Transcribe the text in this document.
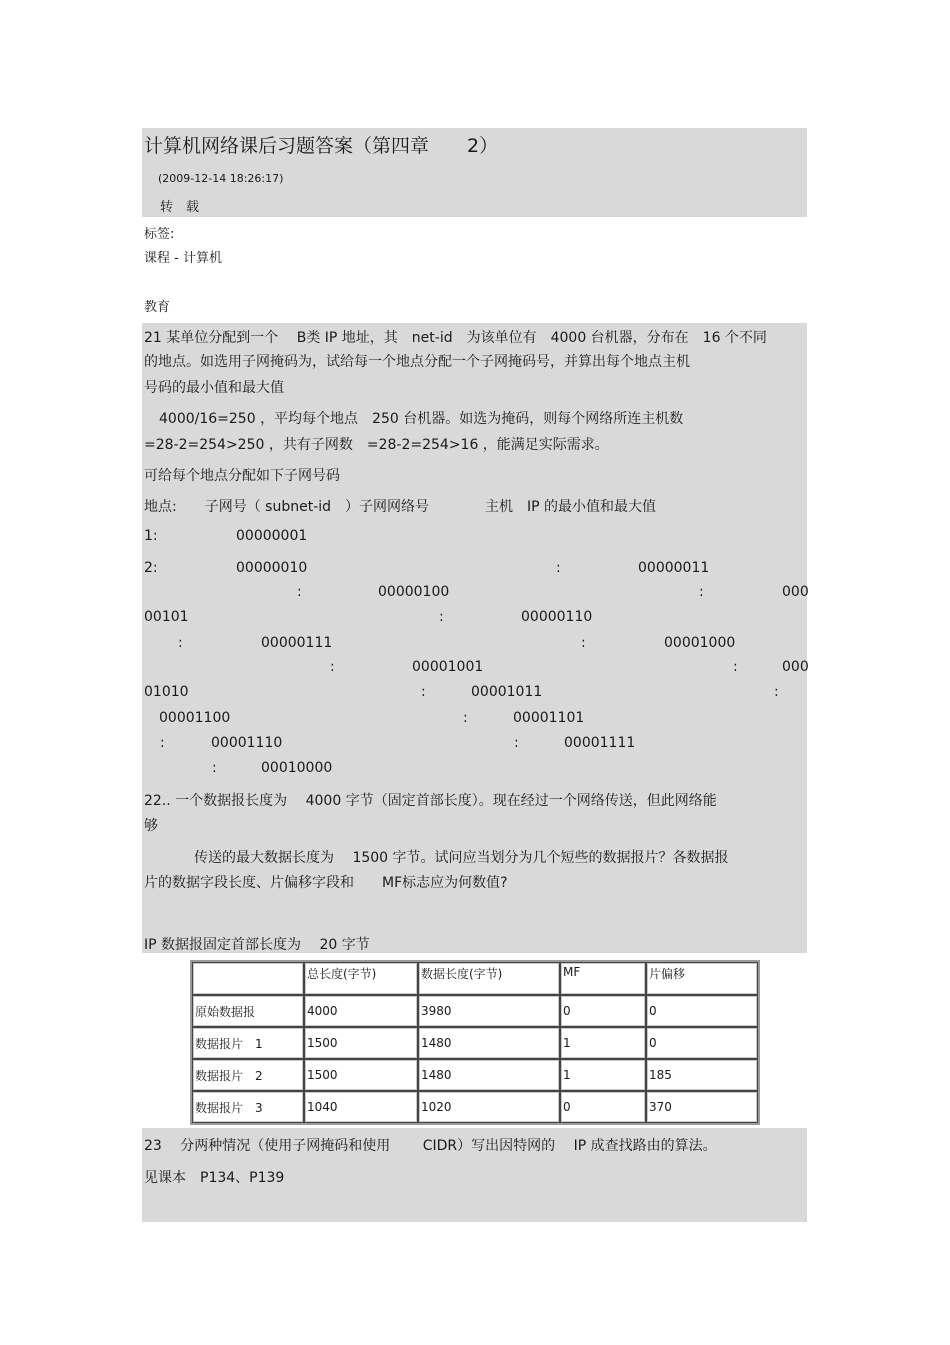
计算机网络课后习题答案（第四章　　2）
(2009-12-14 18:26:17)
转　载
标签:
课程 - 计算机
教育
21 某单位分配到一个　 B类 IP 地址，其　net-id　为该单位有　4000 台机器，分布在　16 个不同
的地点。如选用子网掩码为，试给每一个地点分配一个子网掩码号，并算出每个地点主机
号码的最小值和最大值
4000/16=250 ，平均每个地点　250 台机器。如选为掩码，则每个网络所连主机数
=28-2=254>250 ，共有子网数　=28-2=254>16 ，能满足实际需求。
可给每个地点分配如下子网号码
地点:　　子网号（ subnet-id　）子网网络号　　　　主机　IP 的最小值和最大值
1:	00000001
2:	00000010	:	00000011
:	00000100	:	000
00101	:	00000110
:	00000111	:	00001000
:	00001001	:	000
01010	:	00001011	:
00001100	:	00001101
:	00001110	:	00001111
:	00010000
22.. 一个数据报长度为　 4000 字节（固定首部长度）。现在经过一个网络传送，但此网络能
够
传送的最大数据长度为　 1500 字节。试问应当划分为几个短些的数据报片？各数据报
片的数据字段长度、片偏移字段和　　MF标志应为何数值?
IP 数据报固定首部长度为　 20 字节
	总长度(字节)	数据长度(字节)	MF	片偏移
原始数据报	4000	3980	0	0
数据报片　1	1500	1480	1	0
数据报片　2	1500	1480	1	185
数据报片　3	1040	1020	0	370
23　 分两种情况（使用子网掩码和使用　　 CIDR）写出因特网的　 IP 成查找路由的算法。
见课本　P134、P139
